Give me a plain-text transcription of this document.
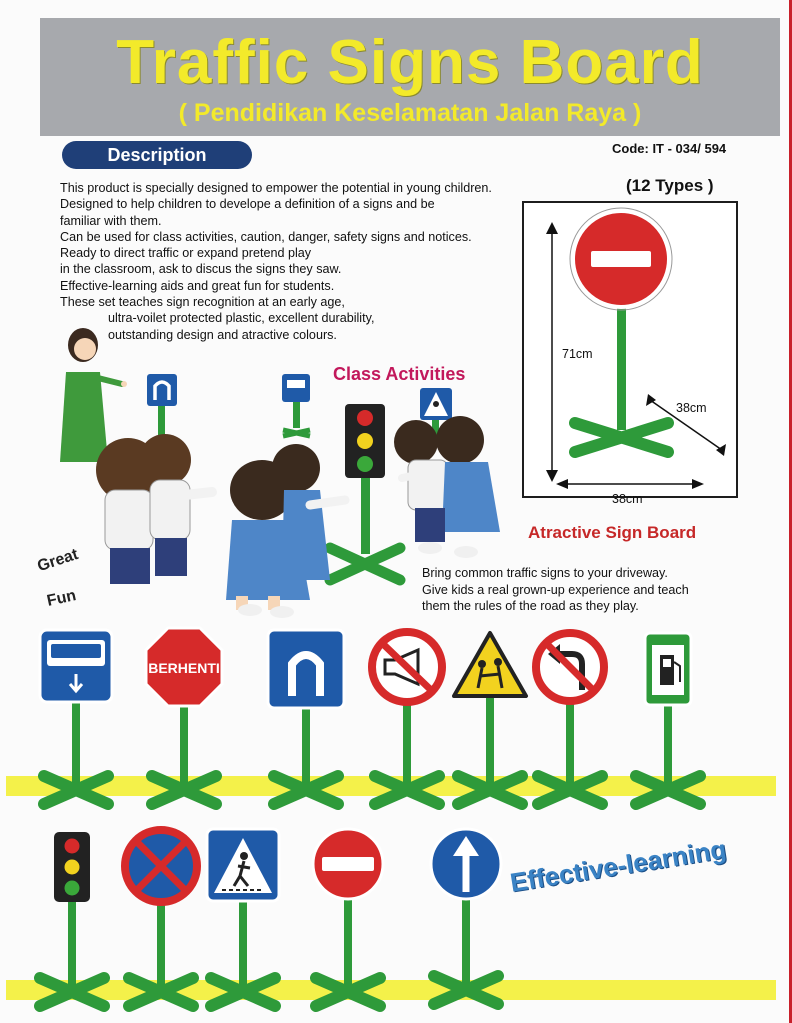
Traffic Signs Board
( Pendidikan Keselamatan Jalan Raya )
Description	Code: IT - 034/ 594
(12 Types )

This product is specially designed to empower the potential in young children.

Designed to help children to develope a definition of a signs and be

familiar with them.

Can be used for class activities, caution, danger, safety signs and notices.

Ready to direct traffic or expand pretend play

in the classroom, ask to discus the signs they saw.

Effective-learning aids and great fun for students.

These set teaches sign recognition at an early age,

ultra-voilet protected plastic, excellent durability,

outstanding design and atractive colours.

71cm
38cm
38cm
Atractive Sign Board
Class Activities
Great
Fun

Bring common traffic signs to your driveway.

Give kids a real grown-up experience and teach

them the rules of the road as they play.

BERHENTI
Effective-learning
